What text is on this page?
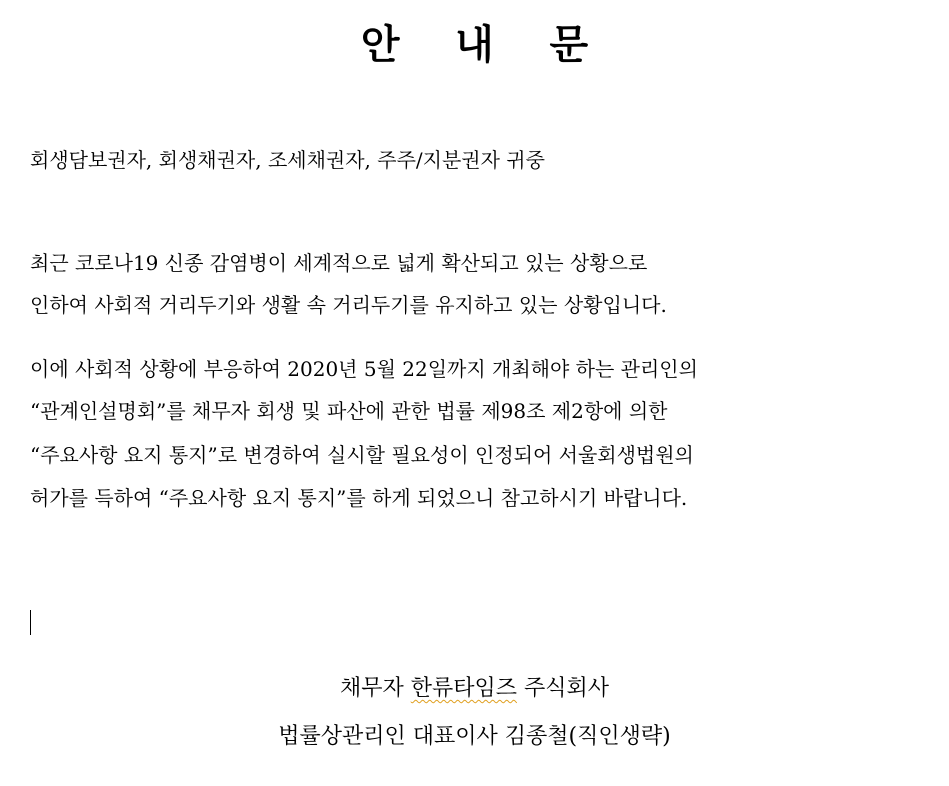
안    내    문
회생담보권자, 회생채권자, 조세채권자, 주주/지분권자 귀중
최근 코로나19 신종 감염병이 세계적으로 넓게 확산되고 있는 상황으로
인하여 사회적 거리두기와 생활 속 거리두기를 유지하고 있는 상황입니다.
이에 사회적 상황에 부응하여 2020년 5월 22일까지 개최해야 하는 관리인의
“관계인설명회”를 채무자 회생 및 파산에 관한 법률 제98조 제2항에 의한
“주요사항 요지 통지”로 변경하여 실시할 필요성이 인정되어 서울회생법원의
허가를 득하여 “주요사항 요지 통지”를 하게 되었으니 참고하시기 바랍니다.
채무자 한류타임즈 주식회사
법률상관리인 대표이사 김종철(직인생략)
